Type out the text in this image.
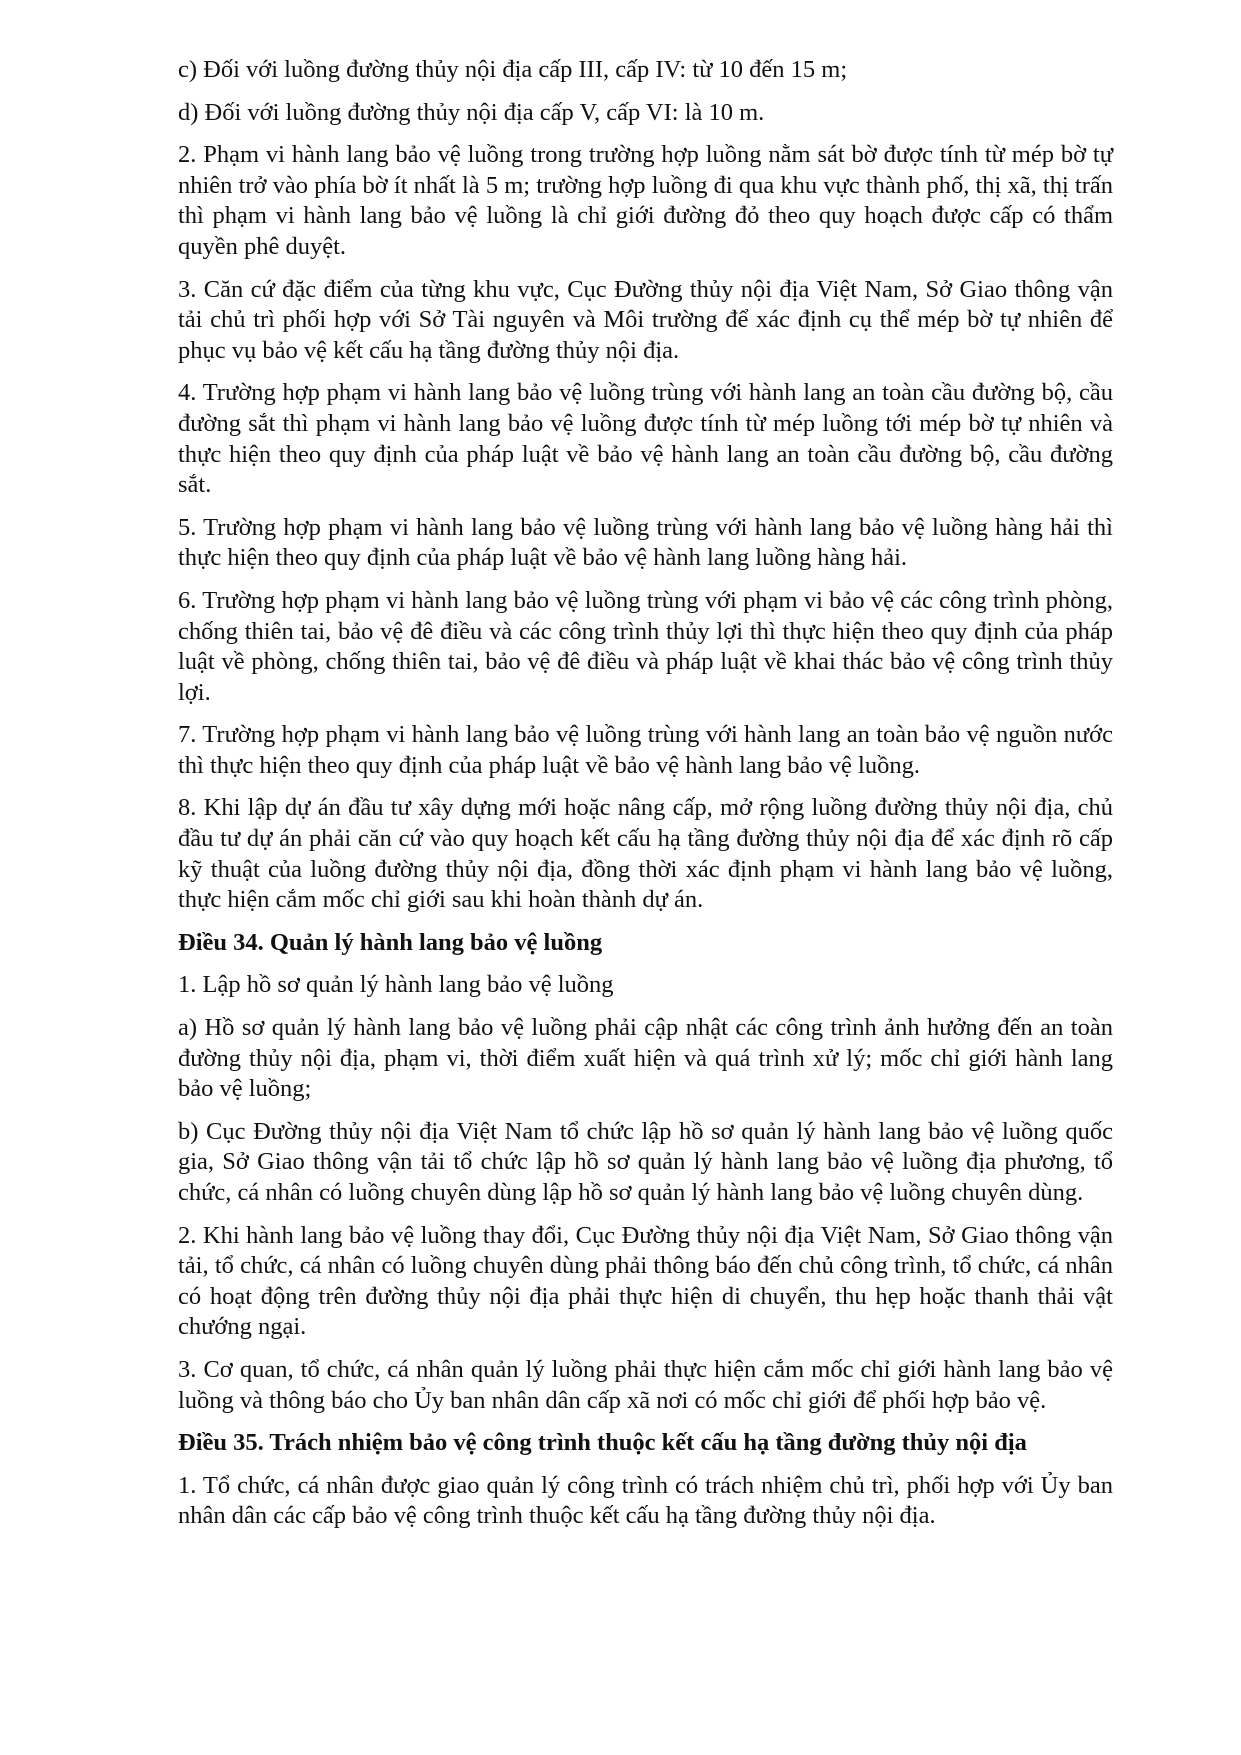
c) Đối với luồng đường thủy nội địa cấp III, cấp IV: từ 10 đến 15 m;

d) Đối với luồng đường thủy nội địa cấp V, cấp VI: là 10 m.

2. Phạm vi hành lang bảo vệ luồng trong trường hợp luồng nằm sát bờ được tính từ mép bờ tự nhiên trở vào phía bờ ít nhất là 5 m; trường hợp luồng đi qua khu vực thành phố, thị xã, thị trấn thì phạm vi hành lang bảo vệ luồng là chỉ giới đường đỏ theo quy hoạch được cấp có thẩm quyền phê duyệt.

3. Căn cứ đặc điểm của từng khu vực, Cục Đường thủy nội địa Việt Nam, Sở Giao thông vận tải chủ trì phối hợp với Sở Tài nguyên và Môi trường để xác định cụ thể mép bờ tự nhiên để phục vụ bảo vệ kết cấu hạ tầng đường thủy nội địa.

4. Trường hợp phạm vi hành lang bảo vệ luồng trùng với hành lang an toàn cầu đường bộ, cầu đường sắt thì phạm vi hành lang bảo vệ luồng được tính từ mép luồng tới mép bờ tự nhiên và thực hiện theo quy định của pháp luật về bảo vệ hành lang an toàn cầu đường bộ, cầu đường sắt.

5. Trường hợp phạm vi hành lang bảo vệ luồng trùng với hành lang bảo vệ luồng hàng hải thì thực hiện theo quy định của pháp luật về bảo vệ hành lang luồng hàng hải.

6. Trường hợp phạm vi hành lang bảo vệ luồng trùng với phạm vi bảo vệ các công trình phòng, chống thiên tai, bảo vệ đê điều và các công trình thủy lợi thì thực hiện theo quy định của pháp luật về phòng, chống thiên tai, bảo vệ đê điều và pháp luật về khai thác bảo vệ công trình thủy lợi.

7. Trường hợp phạm vi hành lang bảo vệ luồng trùng với hành lang an toàn bảo vệ nguồn nước thì thực hiện theo quy định của pháp luật về bảo vệ hành lang bảo vệ luồng.

8. Khi lập dự án đầu tư xây dựng mới hoặc nâng cấp, mở rộng luồng đường thủy nội địa, chủ đầu tư dự án phải căn cứ vào quy hoạch kết cấu hạ tầng đường thủy nội địa để xác định rõ cấp kỹ thuật của luồng đường thủy nội địa, đồng thời xác định phạm vi hành lang bảo vệ luồng, thực hiện cắm mốc chỉ giới sau khi hoàn thành dự án.

Điều 34. Quản lý hành lang bảo vệ luồng

1. Lập hồ sơ quản lý hành lang bảo vệ luồng

a) Hồ sơ quản lý hành lang bảo vệ luồng phải cập nhật các công trình ảnh hưởng đến an toàn đường thủy nội địa, phạm vi, thời điểm xuất hiện và quá trình xử lý; mốc chỉ giới hành lang bảo vệ luồng;

b) Cục Đường thủy nội địa Việt Nam tổ chức lập hồ sơ quản lý hành lang bảo vệ luồng quốc gia, Sở Giao thông vận tải tổ chức lập hồ sơ quản lý hành lang bảo vệ luồng địa phương, tổ chức, cá nhân có luồng chuyên dùng lập hồ sơ quản lý hành lang bảo vệ luồng chuyên dùng.

2. Khi hành lang bảo vệ luồng thay đổi, Cục Đường thủy nội địa Việt Nam, Sở Giao thông vận tải, tổ chức, cá nhân có luồng chuyên dùng phải thông báo đến chủ công trình, tổ chức, cá nhân có hoạt động trên đường thủy nội địa phải thực hiện di chuyển, thu hẹp hoặc thanh thải vật chướng ngại.

3. Cơ quan, tổ chức, cá nhân quản lý luồng phải thực hiện cắm mốc chỉ giới hành lang bảo vệ luồng và thông báo cho Ủy ban nhân dân cấp xã nơi có mốc chỉ giới để phối hợp bảo vệ.

Điều 35. Trách nhiệm bảo vệ công trình thuộc kết cấu hạ tầng đường thủy nội địa

1. Tổ chức, cá nhân được giao quản lý công trình có trách nhiệm chủ trì, phối hợp với Ủy ban nhân dân các cấp bảo vệ công trình thuộc kết cấu hạ tầng đường thủy nội địa.
